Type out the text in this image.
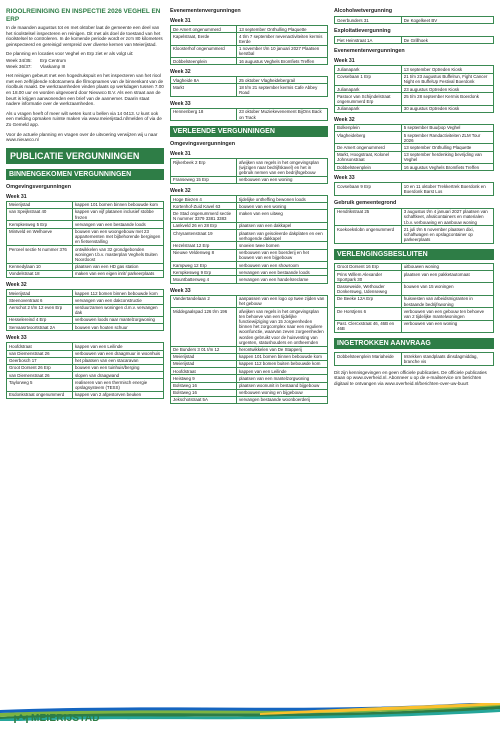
RIOOLREINIGING EN INSPECTIE 2026 VEGHEL EN ERP
In de maanden augustus tot en met oktober laat de gemeente een deel van het rioolstelsel inspecteren en reinigen. Dit met als doel de toestand van het rioolstelsel te controleren. In de komende periode wordt er zo'n 80 kilometers geinspecteerd en gereinigd verspreid over diverse kernen van Meierijstad.
De planning en locaties voor Veghel en Erp ziet er als volgt uit:
Week 34/35:	Erp Centrum
Week 36/37:	Vlaskamp III
Het reinigen gebeurt met een hogedrukspuit en het inspecteren van het riool met een zelfrijdende robotcamera die filmopnames van de binnenkant van de rioolbuis maakt. De werkzaamheden vinden plaats op werkdagen tussen 7.00 en 18.00 uur en worden uitgevoerd door Nieuwco B.V. Als een straat aan de beurt is krijgen aanwonenden een brief van de aannemer. Daarin staat nadere informatie over de werkzaamheden.
Als u vragen heeft of meer wilt weten kunt u bellen via 14 0413. U kunt ook een melding opmaken ruimte maken via www.meierijstad.nl/melden of via de Zo Gemeld app.
Voor de actuele planning en vragen over de uitvoering verwijzen wij u naar www.nieuwco.nl
PUBLICATIE VERGUNNINGEN
BINNENGEKOMEN VERGUNNINGEN
Omgevingsvergunningen
Week 31
Meierijstad	kappen 101 bomen binnen bebouwde kom
van Speijkstraat 40	kappen van vijf platanen inclusief stobbe frezen
Kempkesweg 5 Erp	vervangen van een bestaande loods
Mintveld en Welhoeve	bouwen van een woongebouw met 23 appartementen met bijbehorende bergingen en fietsenstalling
Perceel sectie N nummer 376	ontwikkelen van 32 grondgebonden woningen t.b.v. masterplan Veghels Buiten Noordoost
Kennedylaan 10	plaatsen van een HD gas station
Vondelstraat 18	maken van een eigen inrit/ parkeerplaats
Week 32
Meierijstad	kappen 112 bomen binnen bebouwde kom
Steenoventraat 6	vervangen van een dakconstructie
Aerschot 2 t/m 12 even Erp	verduurzamen woningen d.m.v. vervangen dak
Hesselereind 4 Erp	verbouwen loods naar mantelzorgwoning
Servaasrtvoortstraat 2A	bouwen van houten schuur
Week 33
Hoofdstraat	kappen van een Leilinde
van Diemenstraat 26	verbouwen van een draagmuur in woonhuis
Geerbosch 17	het plaatsen van een stacaravan
Groot Dorsent 26 Erp	bouwen van een tuinhuis/berging
van Diemenstraat 26	slopen van draagwand
Taylorweg 5	realiseren van een thermisch energie opslagsysteem (TESS)
Esdonkstraat ongenummerd	kappen van 2 afgestorven beuken
Evenementenvergunningen
Week 31
De Amert ongenummerd	13 september Onthulling Plaquette
Kapelstraat, Eerde	4 t/m 7 september nevenactiviteiten kermis Eerde
Kloosterhof ongenummerd	1 november t/m 10 januari 2027 Plaatsen kerstbal
Dobbelsteenplein	16 augustus Veghels Bromfiets Treffen
Week 32
Vlagheide 8A	25 oktober Vlagheidebergrail
Markt	18 t/m 21 september kermis Cafe Abbey Road
Week 33
Hennenberg 18	23 oktober Muziekevenement BijOns Back on Track
VERLEENDE VERGUNNINGEN
Omgevingsvergunningen
Week 31
Rijkerbeek 2 Erp	afwijken van regels in het omgevingsplan (wijzigen naar bedrijfskavel) en het in gebruik nemen van een bedrijfsgebouw
Franseweg 15 Erp	verbouwen van een woning
Week 32
Hoge Biezen 4	tijdelijke ontheffing bewonen loods
Kortenhof-Zuid Kavel 63	bouwen van een woning
De Stad ongenummerd sectie N nummer 3379 3381 3383	maken van een uitweg
Lankveld 26 en 28 Erp	plaatsen van een dakkapel
Chrysantenstraat 19	plaatsen van geisoleerde dakplaten en een verhogende dakkapel
Hezelstraat 12 Erp	snoeien twee bomen
Nieuwe Veldenweg 8	verbouwen van een boerderij en het bouwen van een bijgebouw
Kampweg 12 Erp	verbouwen van een showroom
Kempkesweg 9 Erp	vervangen van een bestaande loods
Mountbattenweg 4	vervangen van een handelsreclame
Week 33
Vandertandelaan 2	aanpassen van een logo op twee zijden van het gebouw
Middegaalspad 126 t/m 196	afwijken van regels in het omgevingsplan ten behoeve van een tijdelijke functiewijziging van 15 zorgeenheden binnen het zorgcomplex naar een reguliere woonfunctie, waarvan zeven zorgeenheden worden gebruikt voor de huisvesting van urgenten, statushouders en ontheemden
De Bunders 3 01 t/m 12	herontwikkelen van De Stapperij
Meierijstad	kappen 101 bomen binnen bebouwde kom
Meierijstad	kappen 112 bomen buiten bebouwde kom
Hoofdstraat	kappen van een Leilinde
Heistweg 9	plaatsen van een mantelzorgwoning
Bolstweg 16	plaatsen woonunit in bestaand bijgebouw
Bolstweg 16	verbouwen woning en bijgebouw
Jekschotstraat 5A	vervangen bestaande woonboerderij
Alcoholwetvergunning
Geerbunders 31	De Kogelkeet BV
Exploitatievergunning
Piet Heinstraat 1A	De Grillhoek
Evenementenvergunningen
Week 31
Julianapark	13 september Optreden Kiosk
Covsebaan 1 Erp	21 t/m 23 augustus Buffelrun, Fight Cancer Night en BuffelUp Festival Boerdonk
Julianapark	23 augustus Optreden Kiosk
Pastoor van Schijndelstraat ongenummerd Erp	25 t/m 28 september Kermis Boerdonk
Julianapark	30 augustus Optreden Kiosk
Week 32
Bolkenplein	5 september Buu/pop Veghel
Vlagheideberg	5 september Randactiviteiten ZLM Tour 2026
De Amert ongenummerd	13 september Onthulling Plaquette
Markt, Hoogstraat, Kolonel Johnsonstraat	13 september herdenking bevrijding van Veghel
Dobbelsteenplein	16 augustus Veghels Bromfiets Treffen
Week 33
Covsebaan 9 Erp	10 en 11 oktober Trekkertrek Boerdonk en Boerdonk Barst Los
Gebruik gemeentegrond
Hendrikstraat 25	3 augustus t/m 4 januari 2027 plaatsen van schaftkeet, afvalcontainers en materialen t.b.v. verbouwing en aanbouw woning
Koekoekslobn ongenummerd	21 juli t/m 6 november plaatsen dixi, schaftwagen en opslagcontainer op parkeerplaats
VERLENGINGSBESLUITEN
Groot Dorsent 16 Erp	uitbouwen woning
Prins Willem Alexander Sportpark 30	plaatsen van een pakketautomaat
Dasseweide, Wethouder Donkersweg, Udenseweg	bouwen van 15 woningen
De Beeke 12A Erp	huisvesten van arbeidsmigranten in bestaande bedrijfswoning
De Horstjens 6	verbouwen van een gebouw ten behoeve van 2 tijdelijke mantelwoningen
Past. Clercxstraat 46, 46B en 46B	verbouwen van een woning
INGETROKKEN AANVRAAG
Dobbelsteenplein Mariaheide	Intrekken standplaats dinsdagmiddag, branche vis
Dit zijn kennisgevingen en geen officiele publicaties. De officiele publicaties staan op www.overheid.nl. Abonneer u op de e-mailservice om berichten digitaal te ontvangen via www.overheid.nl/berichten-over-uw-buurt
MEIERIJSTAD
